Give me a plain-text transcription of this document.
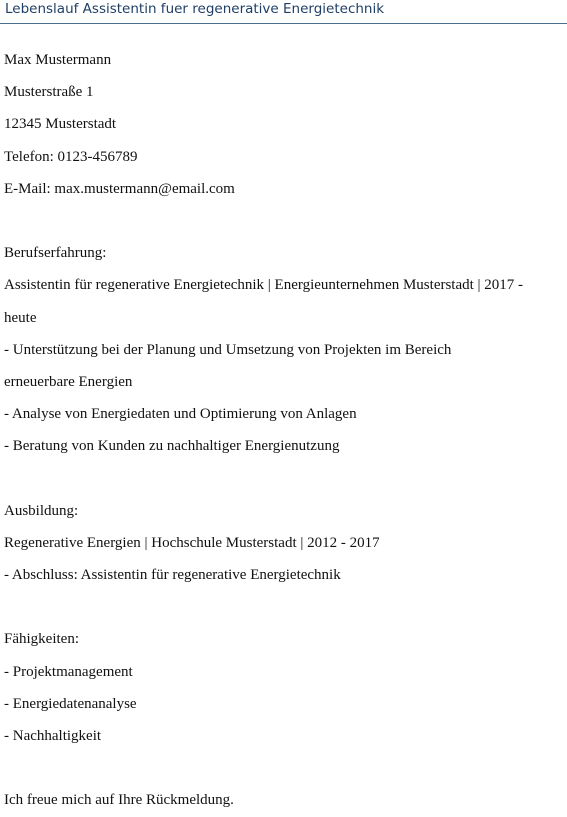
Lebenslauf Assistentin fuer regenerative Energietechnik
Max Mustermann
Musterstraße 1
12345 Musterstadt
Telefon: 0123-456789
E-Mail: max.mustermann@email.com
Berufserfahrung:
Assistentin für regenerative Energietechnik | Energieunternehmen Musterstadt | 2017 -
heute
- Unterstützung bei der Planung und Umsetzung von Projekten im Bereich
erneuerbare Energien
- Analyse von Energiedaten und Optimierung von Anlagen
- Beratung von Kunden zu nachhaltiger Energienutzung
Ausbildung:
Regenerative Energien | Hochschule Musterstadt | 2012 - 2017
- Abschluss: Assistentin für regenerative Energietechnik
Fähigkeiten:
- Projektmanagement
- Energiedatenanalyse
- Nachhaltigkeit
Ich freue mich auf Ihre Rückmeldung.
